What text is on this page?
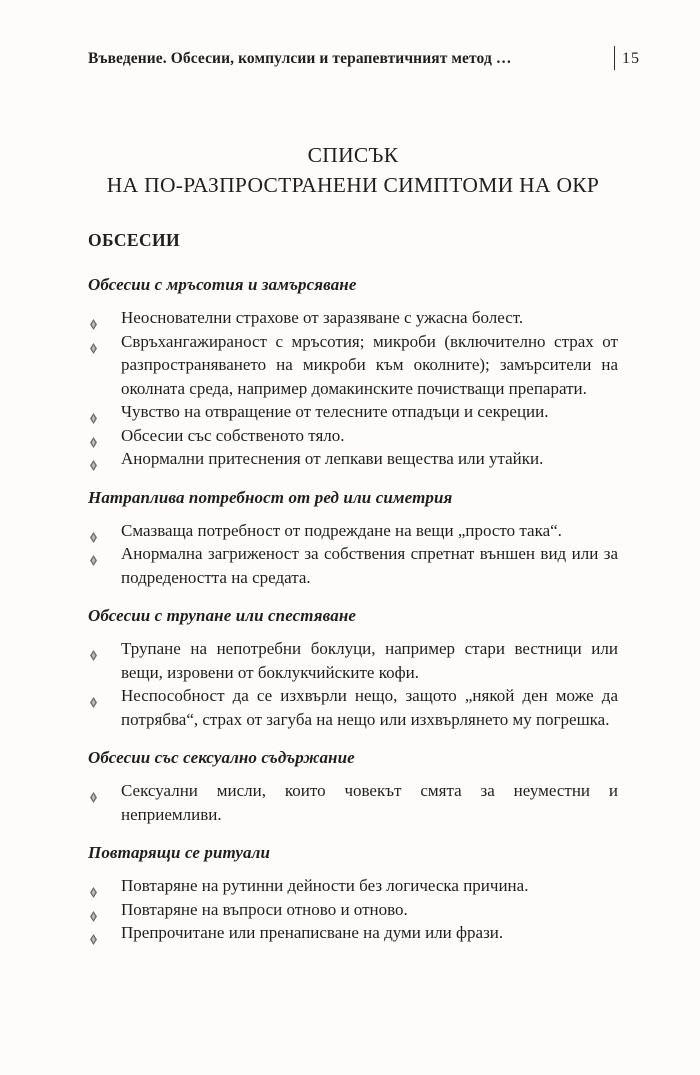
Въведение. Обсесии, компулсии и терапевтичният метод …	15
СПИСЪК
НА ПО-РАЗПРОСТРАНЕНИ СИМПТОМИ НА ОКР
ОБСЕСИИ
Обсесии с мръсотия и замърсяване
Неоснователни страхове от заразяване с ужасна болест.
Свръхангажираност с мръсотия; микроби (включително страх от разпространяването на микроби към околните); замърсители на околната среда, например домакинските почистващи препарати.
Чувство на отвращение от телесните отпадъци и секреции.
Обсесии със собственото тяло.
Анормални притеснения от лепкави вещества или утайки.
Натраплива потребност от ред или симетрия
Смазваща потребност от подреждане на вещи „просто така“.
Анормална загриженост за собствения спретнат външен вид или за подредеността на средата.
Обсесии с трупане или спестяване
Трупане на непотребни боклуци, например стари вестници или вещи, изровени от боклукчийските кофи.
Неспособност да се изхвърли нещо, защото „някой ден може да потрябва“, страх от загуба на нещо или изхвърлянето му погрешка.
Обсесии със сексуално съдържание
Сексуални мисли, които човекът смята за неуместни и неприемливи.
Повтарящи се ритуали
Повтаряне на рутинни дейности без логическа причина.
Повтаряне на въпроси отново и отново.
Препрочитане или пренаписване на думи или фрази.
